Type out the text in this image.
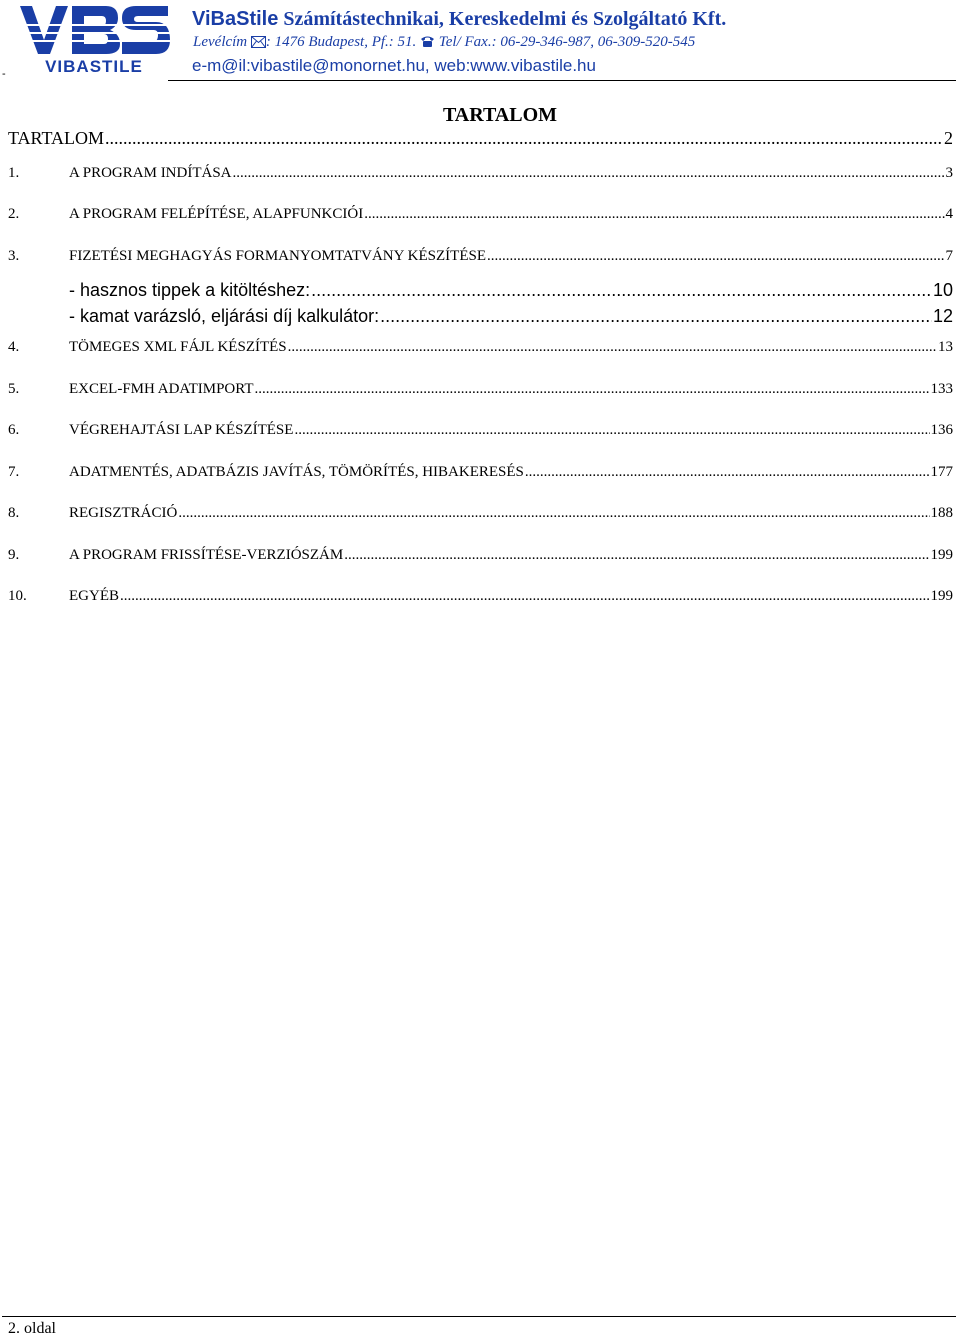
VIBASTILE
-
ViBaStile Számítástechnikai, Kereskedelmi és Szolgáltató Kft.
Levélcím : 1476 Budapest, Pf.: 51.  Tel/ Fax.: 06-29-346-987, 06-309-520-545
e-m@il:vibastile@monornet.hu, web:www.vibastile.hu
TARTALOM
TARTALOM .....	2
1.	A PROGRAM INDÍTÁSA .....	3
2.	A PROGRAM FELÉPÍTÉSE, ALAPFUNKCIÓI .....	4
3.	FIZETÉSI MEGHAGYÁS FORMANYOMTATVÁNY KÉSZÍTÉSE .....	7
- hasznos tippek a kitöltéshez: .....	10
- kamat varázsló, eljárási díj kalkulátor: .....	12
4.	TÖMEGES XML FÁJL KÉSZÍTÉS .....	13
5.	EXCEL-FMH ADATIMPORT .....	133
6.	VÉGREHAJTÁSI LAP KÉSZÍTÉSE .....	136
7.	ADATMENTÉS, ADATBÁZIS JAVÍTÁS, TÖMÖRÍTÉS, HIBAKERESÉS .....	177
8.	REGISZTRÁCIÓ .....	188
9.	A PROGRAM FRISSÍTÉSE-VERZIÓSZÁM .....	199
10.	EGYÉB .....	199
2. oldal
